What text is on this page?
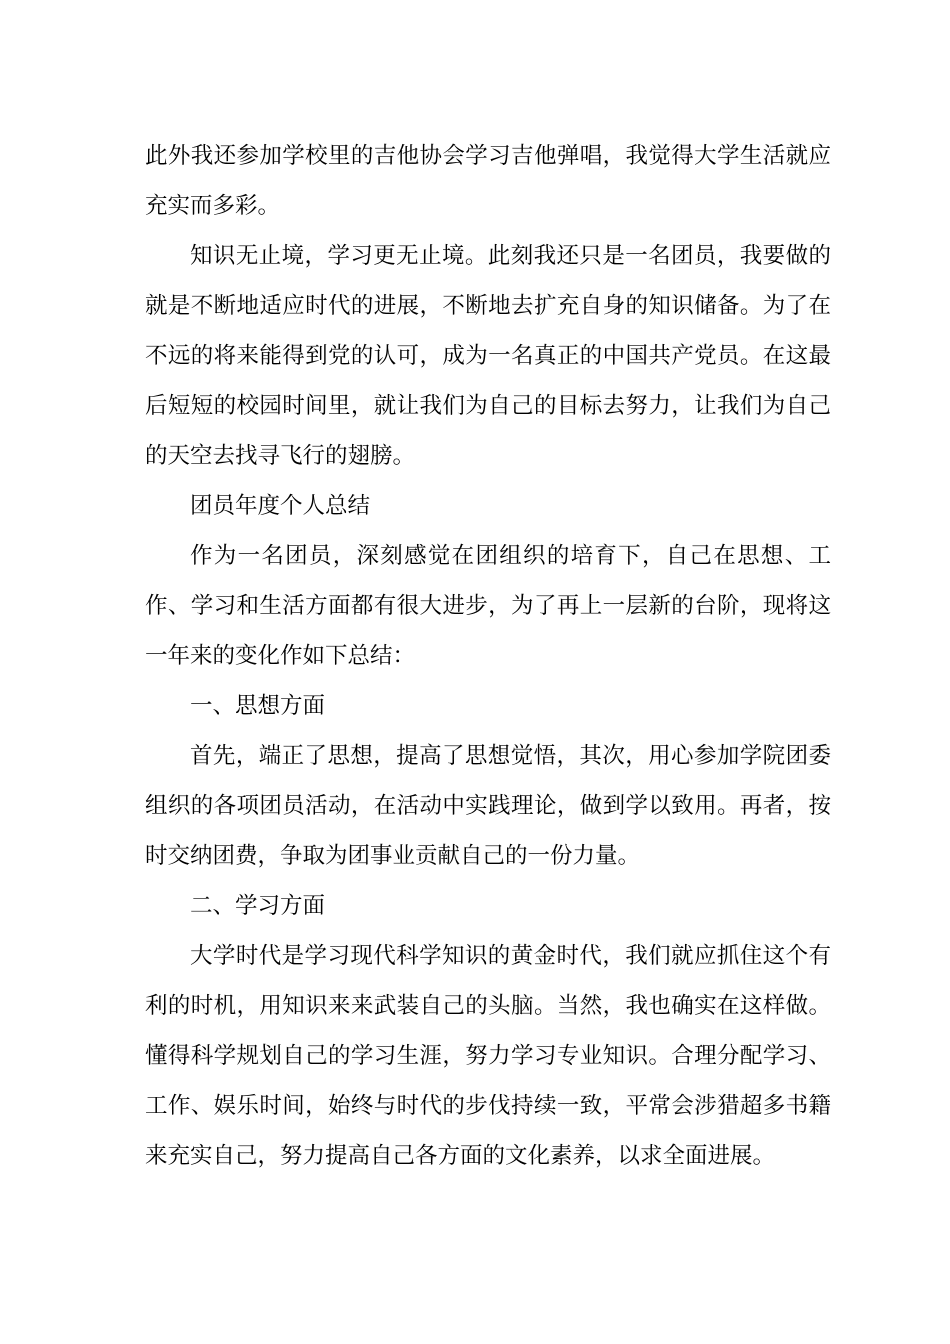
此外我还参加学校里的吉他协会学习吉他弹唱，我觉得大学生活就应充实而多彩。

知识无止境，学习更无止境。此刻我还只是一名团员，我要做的就是不断地适应时代的进展，不断地去扩充自身的知识储备。为了在不远的将来能得到党的认可，成为一名真正的中国共产党员。在这最后短短的校园时间里，就让我们为自己的目标去努力，让我们为自己的天空去找寻飞行的翅膀。

团员年度个人总结

作为一名团员，深刻感觉在团组织的培育下，自己在思想、工作、学习和生活方面都有很大进步，为了再上一层新的台阶，现将这一年来的变化作如下总结：

一、思想方面

首先，端正了思想，提高了思想觉悟，其次，用心参加学院团委组织的各项团员活动，在活动中实践理论，做到学以致用。再者，按时交纳团费，争取为团事业贡献自己的一份力量。

二、学习方面

大学时代是学习现代科学知识的黄金时代，我们就应抓住这个有利的时机，用知识来来武装自己的头脑。当然，我也确实在这样做。懂得科学规划自己的学习生涯，努力学习专业知识。合理分配学习、工作、娱乐时间，始终与时代的步伐持续一致，平常会涉猎超多书籍来充实自己，努力提高自己各方面的文化素养，以求全面进展。
